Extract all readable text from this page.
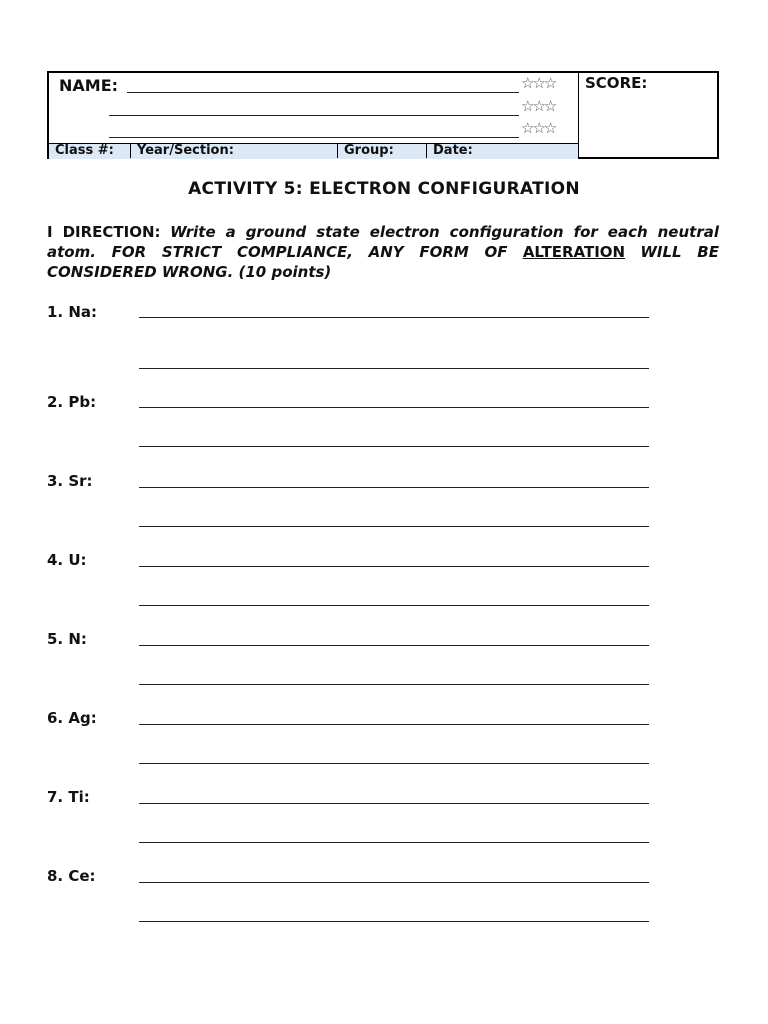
NAME:	☆☆☆
☆☆☆
☆☆☆
SCORE:
Class #:	Year/Section:	Group:	Date:
ACTIVITY 5: ELECTRON CONFIGURATION
I DIRECTION: Write a ground state electron configuration for each neutral atom. FOR STRICT COMPLIANCE, ANY FORM OF ALTERATION WILL BE CONSIDERED WRONG. (10 points)
1. Na:
2. Pb:
3. Sr:
4. U:
5. N:
6. Ag:
7. Ti:
8. Ce:
